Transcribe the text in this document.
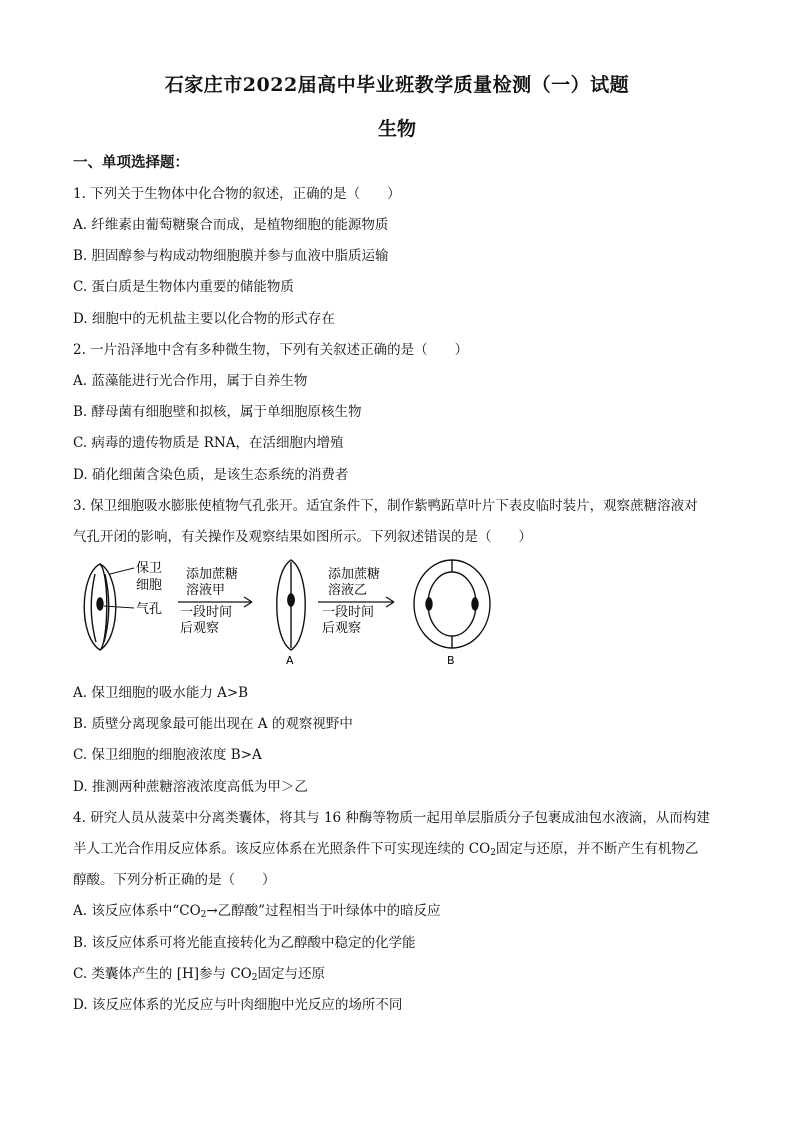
石家庄市2022届高中毕业班教学质量检测（一）试题
生物
一、单项选择题：
1. 下列关于生物体中化合物的叙述，正确的是（　　）
A. 纤维素由葡萄糖聚合而成，是植物细胞的能源物质
B. 胆固醇参与构成动物细胞膜并参与血液中脂质运输
C. 蛋白质是生物体内重要的储能物质
D. 细胞中的无机盐主要以化合物的形式存在
2. 一片沿泽地中含有多种微生物，下列有关叙述正确的是（　　）
A. 蓝藻能进行光合作用，属于自养生物
B. 酵母菌有细胞壁和拟核，属于单细胞原核生物
C. 病毒的遗传物质是 RNA，在活细胞内增殖
D. 硝化细菌含染色质，是该生态系统的消费者
3. 保卫细胞吸水膨胀使植物气孔张开。适宜条件下，制作紫鸭跖草叶片下表皮临时装片，观察蔗糖溶液对
气孔开闭的影响，有关操作及观察结果如图所示。下列叙述错误的是（　　）
保卫
细胞
气孔
添加蔗糖
溶液甲
一段时间
后观察
A
添加蔗糖
溶液乙
一段时间
后观察
B
A. 保卫细胞的吸水能力 A>B
B. 质壁分离现象最可能出现在 A 的观察视野中
C. 保卫细胞的细胞液浓度 B>A
D. 推测两种蔗糖溶液浓度高低为甲＞乙
4. 研究人员从菠菜中分离类囊体，将其与 16 种酶等物质一起用单层脂质分子包裹成油包水液滴，从而构建
半人工光合作用反应体系。该反应体系在光照条件下可实现连续的 $CO_2$固定与还原，并不断产生有机物乙
醇酸。下列分析正确的是（　　）
A. 该反应体系中“$CO_2\to$乙醇酸”过程相当于叶绿体中的暗反应
B. 该反应体系可将光能直接转化为乙醇酸中稳定的化学能
C. 类囊体产生的 [H]参与 $CO_2$固定与还原
D. 该反应体系的光反应与叶肉细胞中光反应的场所不同
